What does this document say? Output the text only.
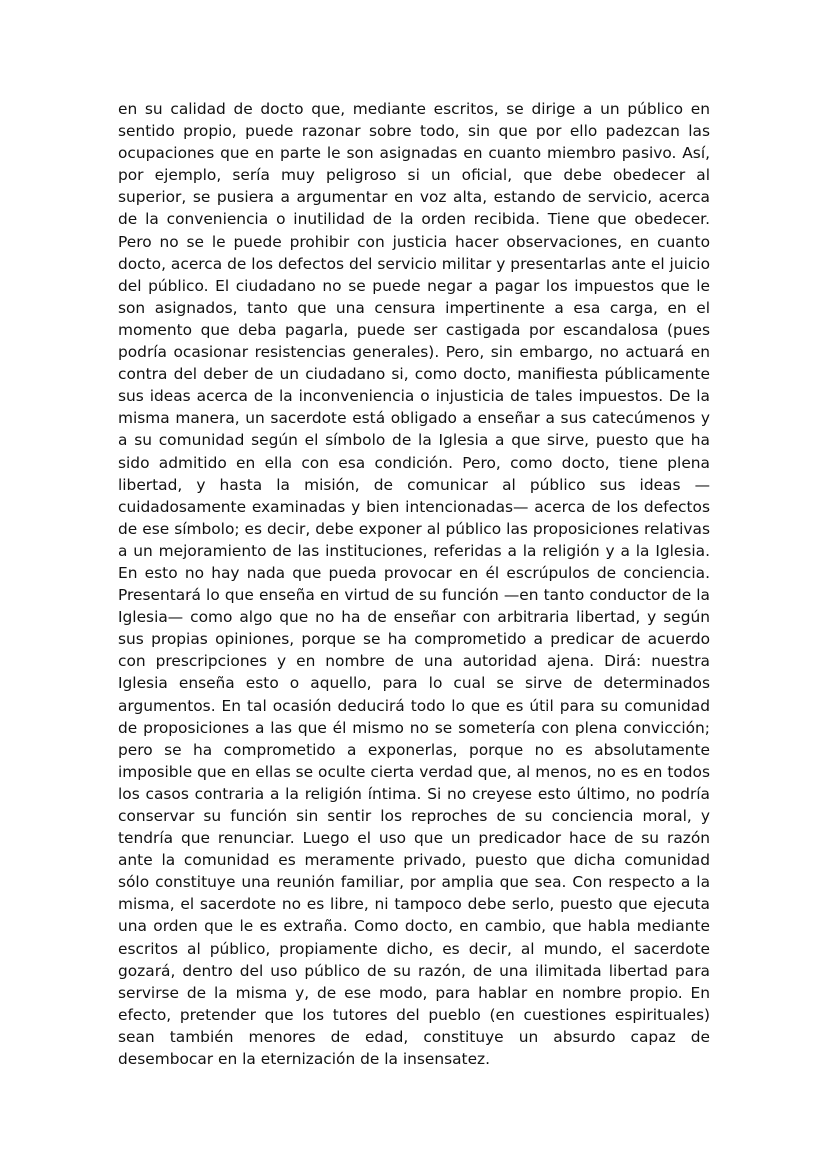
en su calidad de docto que, mediante escritos, se dirige a un público en sentido propio, puede razonar sobre todo, sin que por ello padezcan las ocupaciones que en parte le son asignadas en cuanto miembro pasivo. Así, por ejemplo, sería muy peligroso si un oficial, que debe obedecer al superior, se pusiera a argumentar en voz alta, estando de servicio, acerca de la conveniencia o inutilidad de la orden recibida. Tiene que obedecer. Pero no se le puede prohibir con justicia hacer observaciones, en cuanto docto, acerca de los defectos del servicio militar y presentarlas ante el juicio del público. El ciudadano no se puede negar a pagar los impuestos que le son asignados, tanto que una censura impertinente a esa carga, en el momento que deba pagarla, puede ser castigada por escandalosa (pues podría ocasionar resistencias generales). Pero, sin embargo, no actuará en contra del deber de un ciudadano si, como docto, manifiesta públicamente sus ideas acerca de la inconveniencia o injusticia de tales impuestos. De la misma manera, un sacerdote está obligado a enseñar a sus catecúmenos y a su comunidad según el símbolo de la Iglesia a que sirve, puesto que ha sido admitido en ella con esa condición. Pero, como docto, tiene plena libertad, y hasta la misión, de comunicar al público sus ideas —cuidadosamente examinadas y bien intencionadas— acerca de los defectos de ese símbolo; es decir, debe exponer al público las proposiciones relativas a un mejoramiento de las instituciones, referidas a la religión y a la Iglesia. En esto no hay nada que pueda provocar en él escrúpulos de conciencia. Presentará lo que enseña en virtud de su función —en tanto conductor de la Iglesia— como algo que no ha de enseñar con arbitraria libertad, y según sus propias opiniones, porque se ha comprometido a predicar de acuerdo con prescripciones y en nombre de una autoridad ajena. Dirá: nuestra Iglesia enseña esto o aquello, para lo cual se sirve de determinados argumentos. En tal ocasión deducirá todo lo que es útil para su comunidad de proposiciones a las que él mismo no se sometería con plena convicción; pero se ha comprometido a exponerlas, porque no es absolutamente imposible que en ellas se oculte cierta verdad que, al menos, no es en todos los casos contraria a la religión íntima. Si no creyese esto último, no podría conservar su función sin sentir los reproches de su conciencia moral, y tendría que renunciar. Luego el uso que un predicador hace de su razón ante la comunidad es meramente privado, puesto que dicha comunidad sólo constituye una reunión familiar, por amplia que sea. Con respecto a la misma, el sacerdote no es libre, ni tampoco debe serlo, puesto que ejecuta una orden que le es extraña. Como docto, en cambio, que habla mediante escritos al público, propiamente dicho, es decir, al mundo, el sacerdote gozará, dentro del uso público de su razón, de una ilimitada libertad para servirse de la misma y, de ese modo, para hablar en nombre propio. En efecto, pretender que los tutores del pueblo (en cuestiones espirituales) sean también menores de edad, constituye un absurdo capaz de desembocar en la eternización de la insensatez.
